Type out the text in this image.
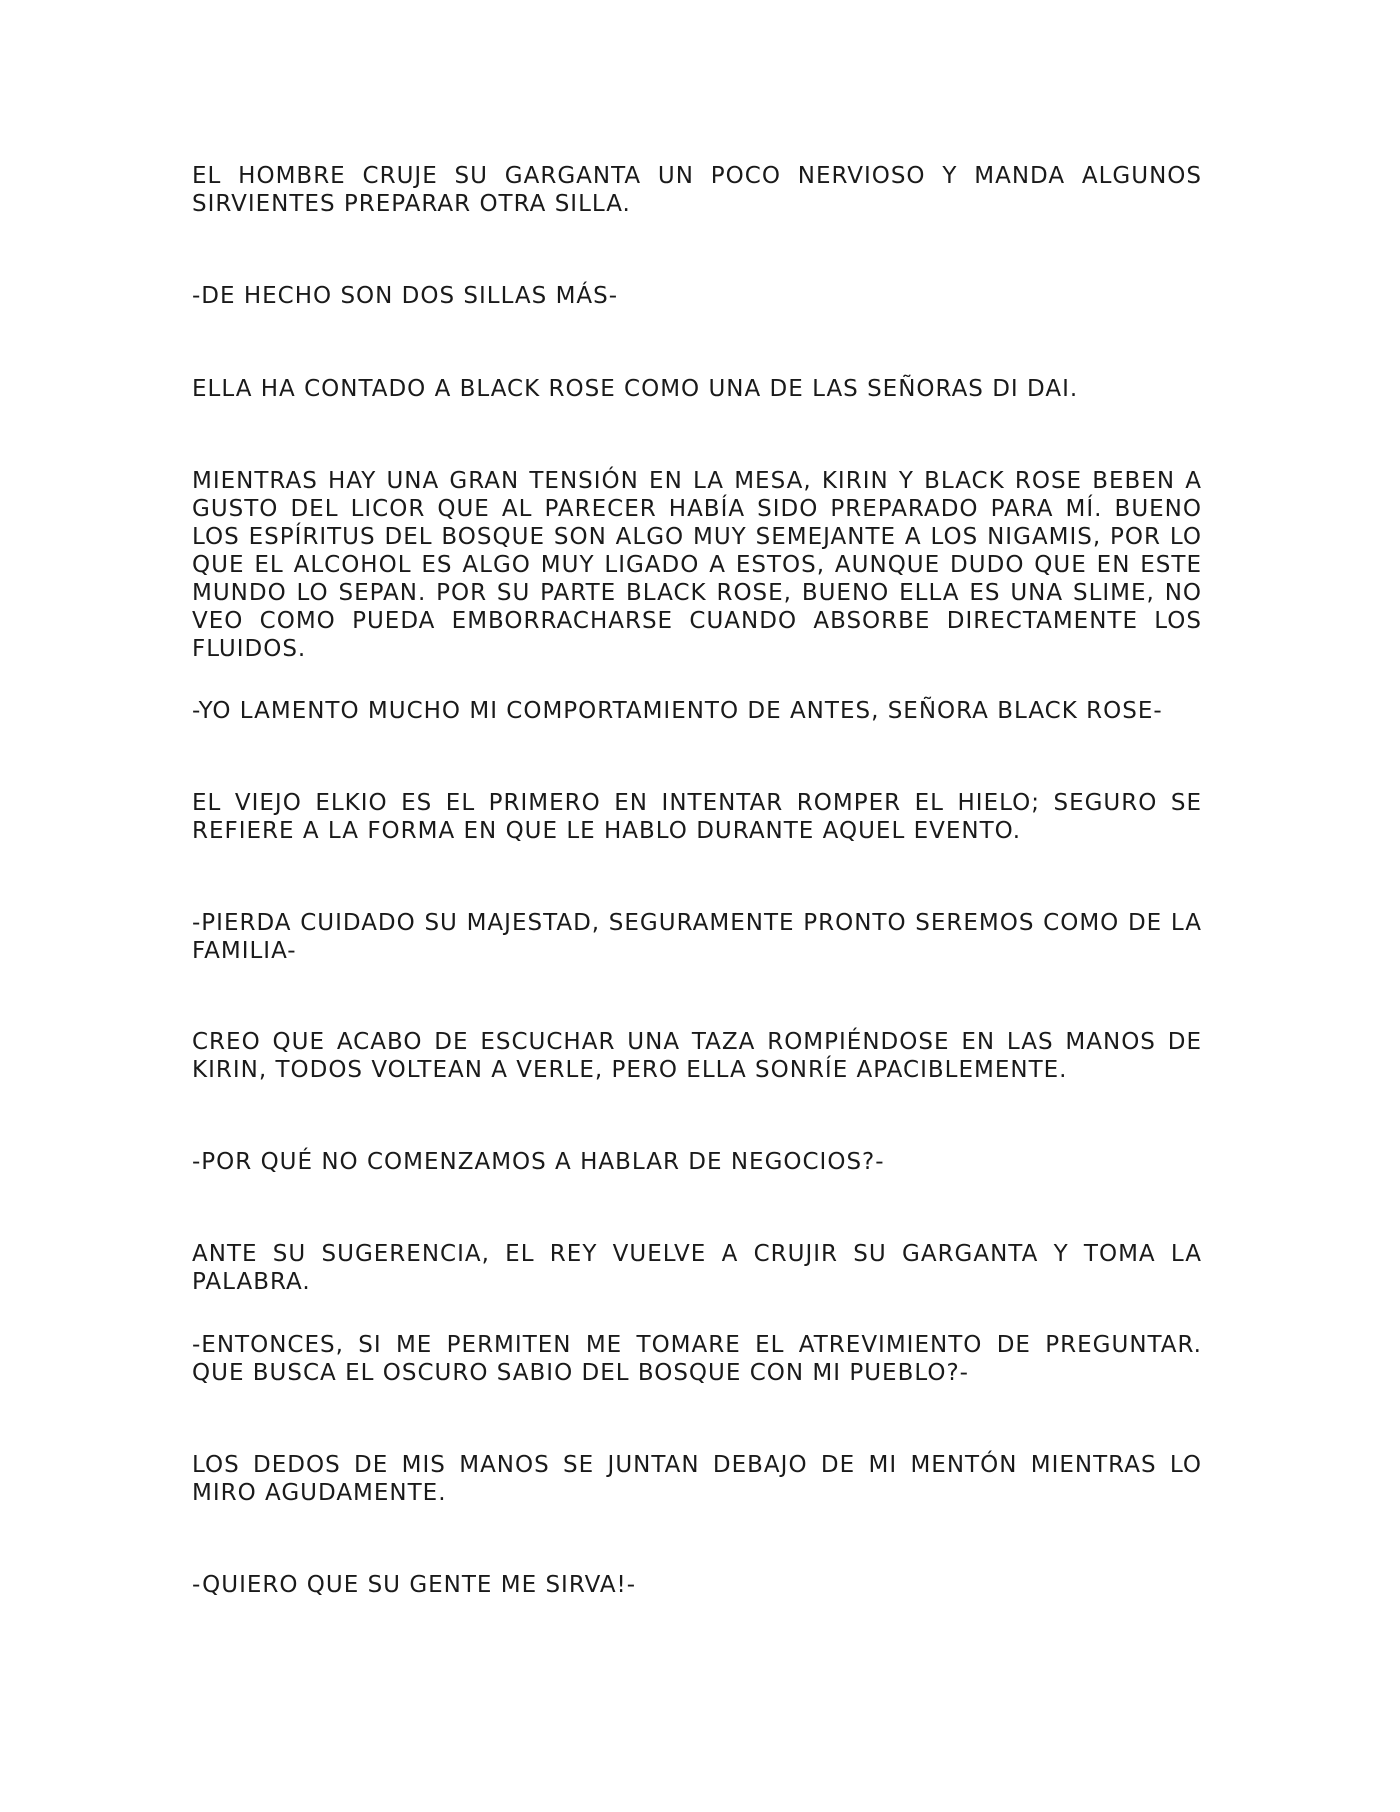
EL HOMBRE CRUJE SU GARGANTA UN POCO NERVIOSO Y MANDA ALGUNOS SIRVIENTES PREPARAR OTRA SILLA.

-DE HECHO SON DOS SILLAS MÁS-

ELLA HA CONTADO A BLACK ROSE COMO UNA DE LAS SEÑORAS DI DAI.

MIENTRAS HAY UNA GRAN TENSIÓN EN LA MESA, KIRIN Y BLACK ROSE BEBEN A GUSTO DEL LICOR QUE AL PARECER HABÍA SIDO PREPARADO PARA MÍ. BUENO LOS ESPÍRITUS DEL BOSQUE SON ALGO MUY SEMEJANTE A LOS NIGAMIS, POR LO QUE EL ALCOHOL ES ALGO MUY LIGADO A ESTOS, AUNQUE DUDO QUE EN ESTE MUNDO LO SEPAN. POR SU PARTE BLACK ROSE, BUENO ELLA ES UNA SLIME, NO VEO COMO PUEDA EMBORRACHARSE CUANDO ABSORBE DIRECTAMENTE LOS FLUIDOS.

-YO LAMENTO MUCHO MI COMPORTAMIENTO DE ANTES, SEÑORA BLACK ROSE-

EL VIEJO ELKIO ES EL PRIMERO EN INTENTAR ROMPER EL HIELO; SEGURO SE REFIERE A LA FORMA EN QUE LE HABLO DURANTE AQUEL EVENTO.

-PIERDA CUIDADO SU MAJESTAD, SEGURAMENTE PRONTO SEREMOS COMO DE LA FAMILIA-

CREO QUE ACABO DE ESCUCHAR UNA TAZA ROMPIÉNDOSE EN LAS MANOS DE KIRIN, TODOS VOLTEAN A VERLE, PERO ELLA SONRÍE APACIBLEMENTE.

-POR QUÉ NO COMENZAMOS A HABLAR DE NEGOCIOS?-

ANTE SU SUGERENCIA, EL REY VUELVE A CRUJIR SU GARGANTA Y TOMA LA PALABRA.

-ENTONCES, SI ME PERMITEN ME TOMARE EL ATREVIMIENTO DE PREGUNTAR. QUE BUSCA EL OSCURO SABIO DEL BOSQUE CON MI PUEBLO?-

LOS DEDOS DE MIS MANOS SE JUNTAN DEBAJO DE MI MENTÓN MIENTRAS LO MIRO AGUDAMENTE.

-QUIERO QUE SU GENTE ME SIRVA!-
